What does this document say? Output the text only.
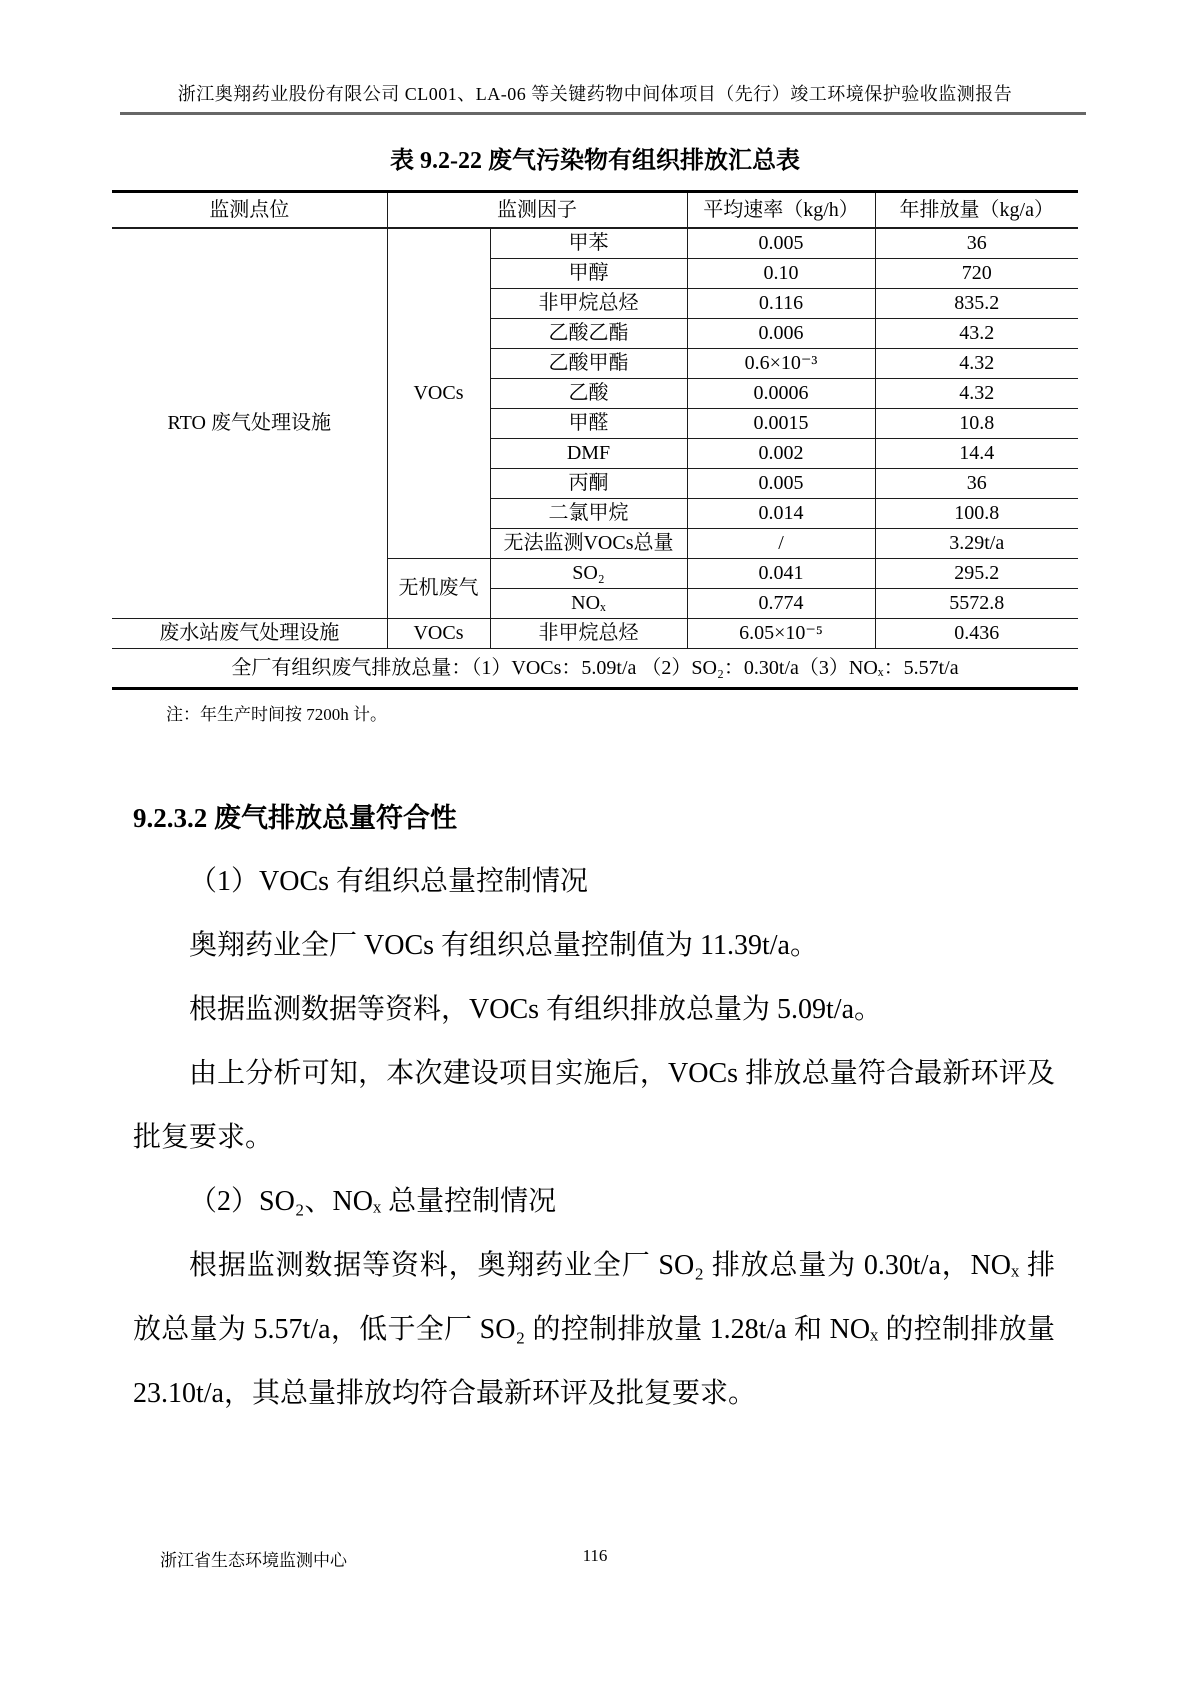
浙江奥翔药业股份有限公司 CL001、LA-06 等关键药物中间体项目（先行）竣工环境保护验收监测报告
表 9.2-22 废气污染物有组织排放汇总表
监测点位	监测因子		平均速率（kg/h）	年排放量（kg/a）
RTO 废气处理设施	VOCs	甲苯	0.005	36
		甲醇	0.10	720
		非甲烷总烃	0.116	835.2
		乙酸乙酯	0.006	43.2
		乙酸甲酯	0.6×10⁻³	4.32
		乙酸	0.0006	4.32
		甲醛	0.0015	10.8
		DMF	0.002	14.4
		丙酮	0.005	36
		二氯甲烷	0.014	100.8
		无法监测VOCs总量	/	3.29t/a
	无机废气	SO₂	0.041	295.2
		NOₓ	0.774	5572.8
废水站废气处理设施	VOCs	非甲烷总烃	6.05×10⁻⁵	0.436
全厂有组织废气排放总量：（1）VOCs：5.09t/a （2）SO₂：0.30t/a（3）NOₓ：5.57t/a				
注：年生产时间按 7200h 计。
9.2.3.2 废气排放总量符合性

（1）VOCs 有组织总量控制情况

奥翔药业全厂 VOCs 有组织总量控制值为 11.39t/a。

根据监测数据等资料，VOCs 有组织排放总量为 5.09t/a。

由上分析可知，本次建设项目实施后，VOCs 排放总量符合最新环评及批复要求。

（2）SO₂、NOₓ 总量控制情况

根据监测数据等资料，奥翔药业全厂 SO₂ 排放总量为 0.30t/a，NOₓ 排放总量为 5.57t/a，低于全厂 SO₂ 的控制排放量 1.28t/a 和 NOₓ 的控制排放量 23.10t/a，其总量排放均符合最新环评及批复要求。

116
浙江省生态环境监测中心
